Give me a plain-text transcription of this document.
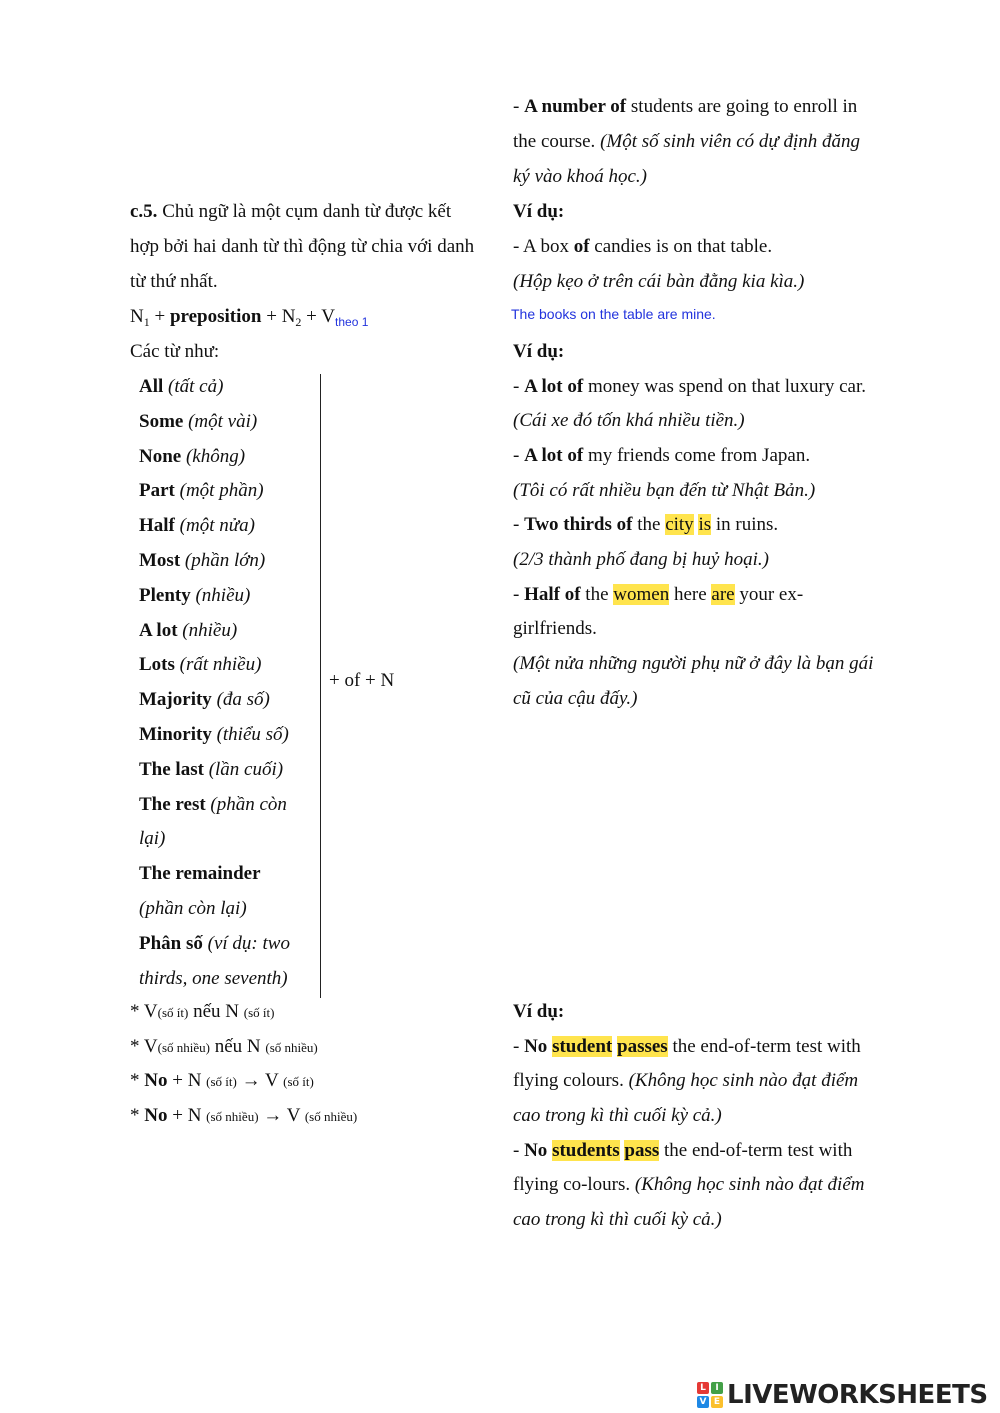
- A number of students are going to enroll in
the course. (Một số sinh viên có dự định đăng
ký vào khoá học.)
c.5. Chủ ngữ là một cụm danh từ được kết
hợp bởi hai danh từ thì động từ chia với danh
từ thứ nhất.
$N_1$ + preposition + $N_2 + V_{theo 1}$
Các từ như:
Ví dụ:
- A box of candies is on that table.
(Hộp kẹo ở trên cái bàn đằng kia kìa.)
The books on the table are mine.
All (tất cả)
Some (một vài)
None (không)
Part (một phần)
Half (một nửa)
Most (phần lớn)
Plenty (nhiều)
A lot (nhiều)
Lots (rất nhiều)
Majority (đa số)
Minority (thiểu số)
The last (lần cuối)
The rest (phần còn
lại)
The remainder
(phần còn lại)
Phân số (ví dụ: two
thirds, one seventh)
+ of + N
Ví dụ:
- A lot of money was spend on that luxury car.
(Cái xe đó tốn khá nhiều tiền.)
- A lot of my friends come from Japan.
(Tôi có rất nhiều bạn đến từ Nhật Bản.)
- Two thirds of the city is in ruins.
(2/3 thành phố đang bị huỷ hoại.)
- Half of the women here are your ex-
girlfriends.
(Một nửa những người phụ nữ ở đây là bạn gái
cũ của cậu đấy.)
* V(số ít) nếu N (số ít)
* V(số nhiều) nếu N (số nhiều)
* No + N (số ít) → V (số ít)
* No + N (số nhiều) → V (số nhiều)
Ví dụ:
- No student passes the end-of-term test with
flying colours. (Không học sinh nào đạt điểm
cao trong kì thì cuối kỳ cả.)
- No students pass the end-of-term test with
flying co-lours. (Không học sinh nào đạt điểm
cao trong kì thì cuối kỳ cả.)
L	I
V E LIVEWORKSHEETS
